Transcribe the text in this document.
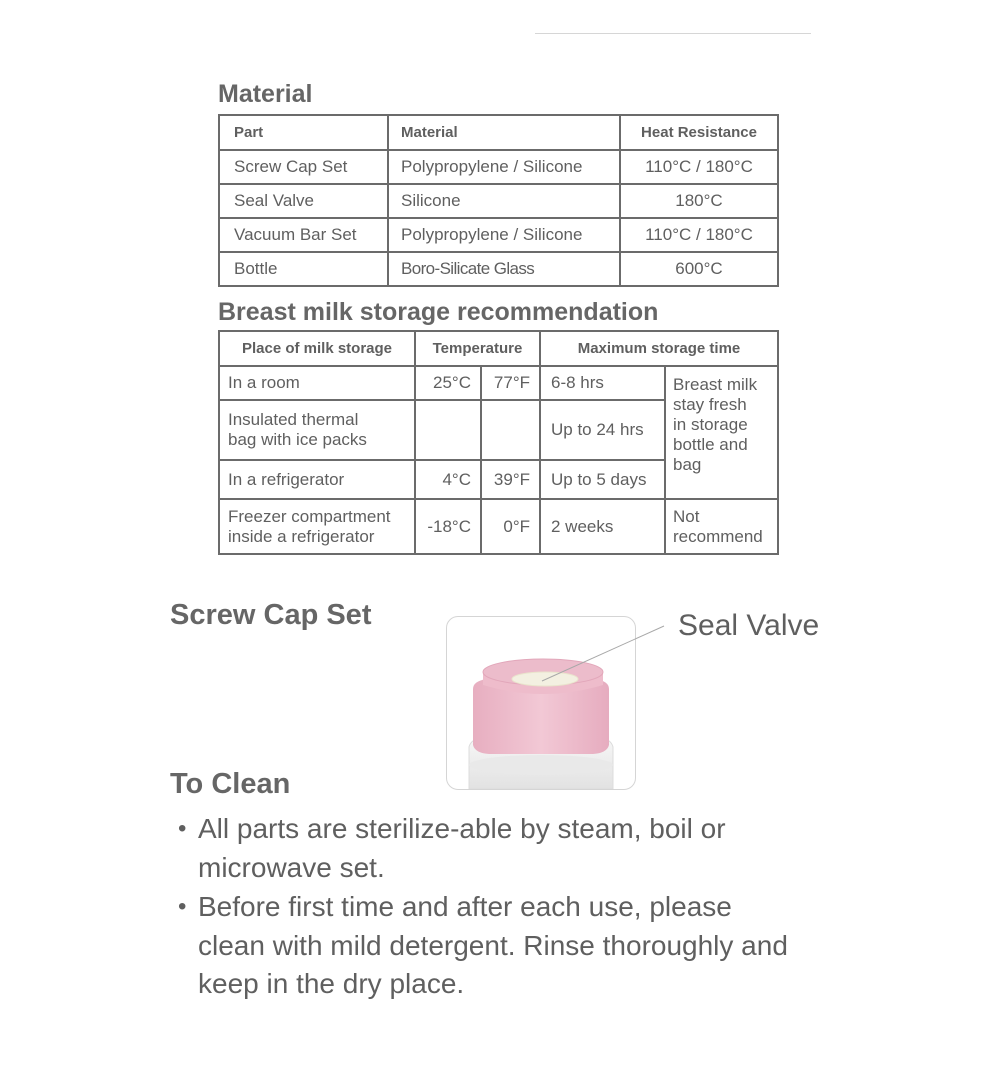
Material
Part	Material	Heat Resistance
Screw Cap Set	Polypropylene / Silicone	110°C / 180°C
Seal Valve	Silicone	180°C
Vacuum Bar Set	Polypropylene / Silicone	110°C / 180°C
Bottle	Boro-Silicate Glass	600°C
Breast milk storage recommendation
Place of milk storage	Temperature		Maximum storage time	
In a room	25°C	77°F	6-8 hrs	Breast milk
stay fresh
in storage
bottle and
bag
Insulated thermal
bag with ice packs			Up to 24 hrs	
In a refrigerator	4°C	39°F	Up to 5 days	
Freezer compartment
inside a refrigerator	-18°C	0°F	2 weeks	Not
recommend
Screw Cap Set	Seal Valve
To Clean
• All parts are sterilize-able by steam, boil or
microwave set.
• Before first time and after each use, please
clean with mild detergent. Rinse thoroughly and
keep in the dry place.
